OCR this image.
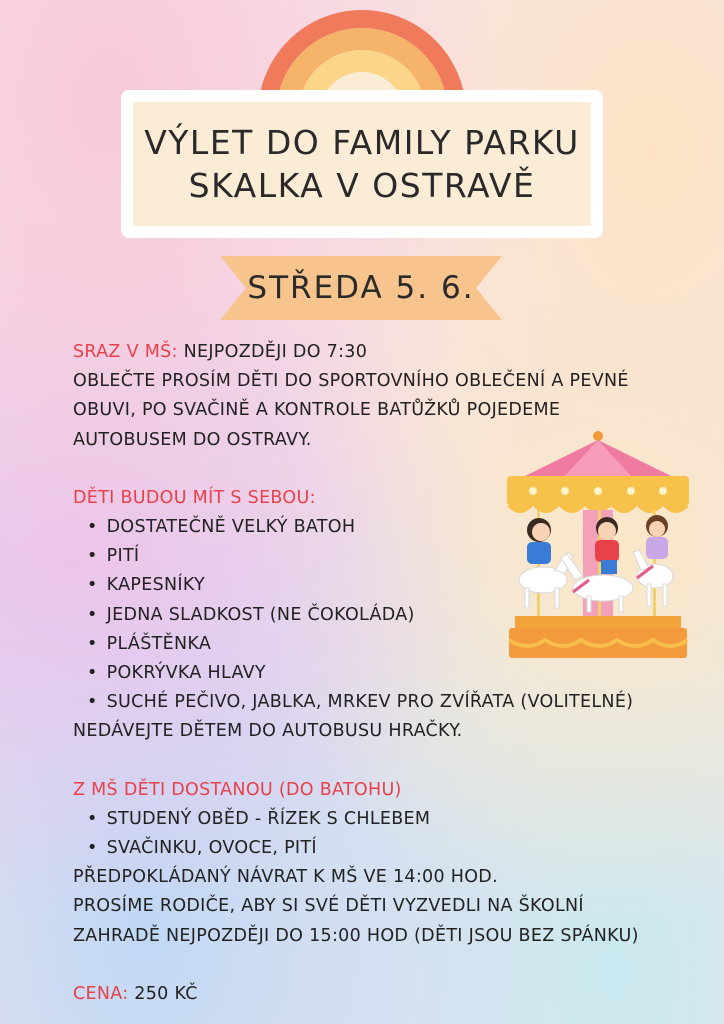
VÝLET DO FAMILY PARKU
SKALKA V OSTRAVĚ
STŘEDA 5. 6.

SRAZ V MŠ: NEJPOZDĚJI DO 7:30

OBLEČTE PROSÍM DĚTI DO SPORTOVNÍHO OBLEČENÍ A PEVNÉ

OBUVI, PO SVAČINĚ A KONTROLE BATŮŽKŮ POJEDEME

AUTOBUSEM DO OSTRAVY.

DĚTI BUDOU MÍT S SEBOU:

• DOSTATEČNĚ VELKÝ BATOH

• PITÍ

• KAPESNÍKY

• JEDNA SLADKOST (NE ČOKOLÁDA)

• PLÁŠTĚNKA

• POKRÝVKA HLAVY

• SUCHÉ PEČIVO, JABLKA, MRKEV PRO ZVÍŘATA (VOLITELNÉ)

NEDÁVEJTE DĚTEM DO AUTOBUSU HRAČKY.

Z MŠ DĚTI DOSTANOU (DO BATOHU)

• STUDENÝ OBĚD - ŘÍZEK S CHLEBEM

• SVAČINKU, OVOCE, PITÍ

PŘEDPOKLÁDANÝ NÁVRAT K MŠ VE 14:00 HOD.

PROSÍME RODIČE, ABY SI SVÉ DĚTI VYZVEDLI NA ŠKOLNÍ

ZAHRADĚ NEJPOZDĚJI DO 15:00 HOD (DĚTI JSOU BEZ SPÁNKU)

CENA: 250 KČ
